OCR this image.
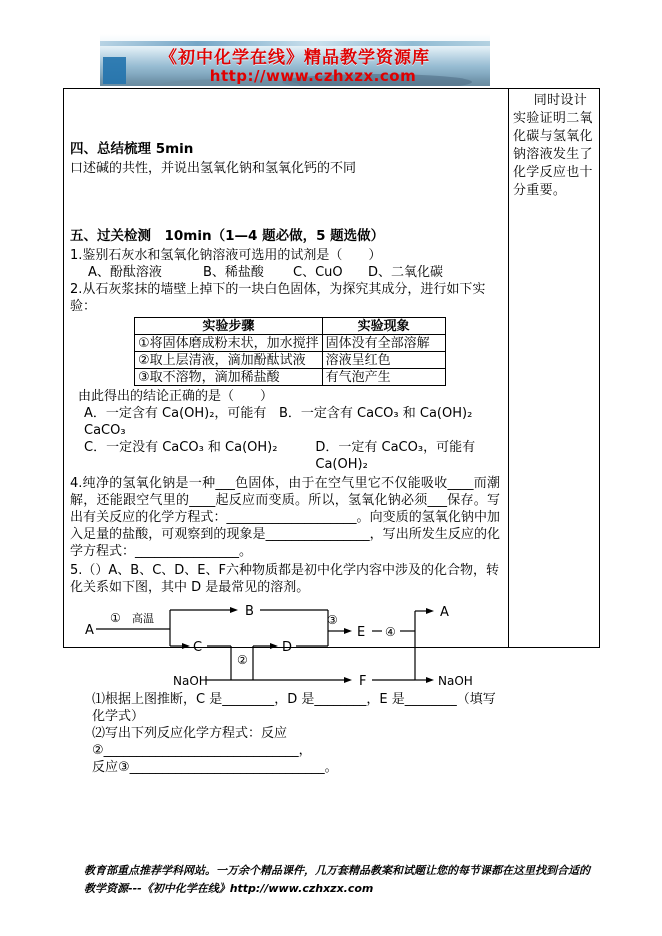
《初中化学在线》精品教学资源库
http://www.czhxzx.com
四、总结梳理 5min
口述碱的共性，并说出氢氧化钠和氢氧化钙的不同
五、过关检测　10min（1—4 题必做，5 题选做）
1.鉴别石灰水和氢氧化钠溶液可选用的试剂是（　　）
A、酚酞溶液	B、稀盐酸	C、CuO	D、二氧化碳
2.从石灰浆抹的墙壁上掉下的一块白色固体，为探究其成分，进行如下实验：
实验步骤	实验现象
①将固体磨成粉末状，加水搅拌	固体没有全部溶解
②取上层清液，滴加酚酞试液	溶液呈红色
③取不溶物，滴加稀盐酸	有气泡产生
由此得出的结论正确的是（　　）
A．一定含有 Ca(OH)₂，可能有 CaCO₃
B．一定含有 CaCO₃ 和 Ca(OH)₂
C．一定没有 CaCO₃ 和 Ca(OH)₂	D．一定有 CaCO₃，可能有 Ca(OH)₂
4.纯净的氢氧化钠是一种___色固体，由于在空气里它不仅能吸收____而潮解，还能跟空气里的____起反应而变质。所以，氢氧化钠必须___保存。写出有关反应的化学方程式：____________________。向变质的氢氧化钠中加入足量的盐酸，可观察到的现象是________________，写出所发生反应的化学方程式：________________。
5.（）A、B、C、D、E、F六种物质都是初中化学内容中涉及的化合物，转化关系如下图，其中 D 是最常见的溶剂。
A
① 高温	B
C
②
D
③
E ④
F
NaOH
A
NaOH
⑴根据上图推断，C 是________，D 是________，E 是________（填写化学式）
⑵写出下列反应化学方程式：反应②______________________________，
反应③______________________________。

同时设计实验证明二氧化碳与氢氧化钠溶液发生了化学反应也十分重要。

教育部重点推荐学科网站。一万余个精品课件，几万套精品教案和试题让您的每节课都在这里找到合适的教学资源---《初中化学在线》http://www.czhxzx.com
